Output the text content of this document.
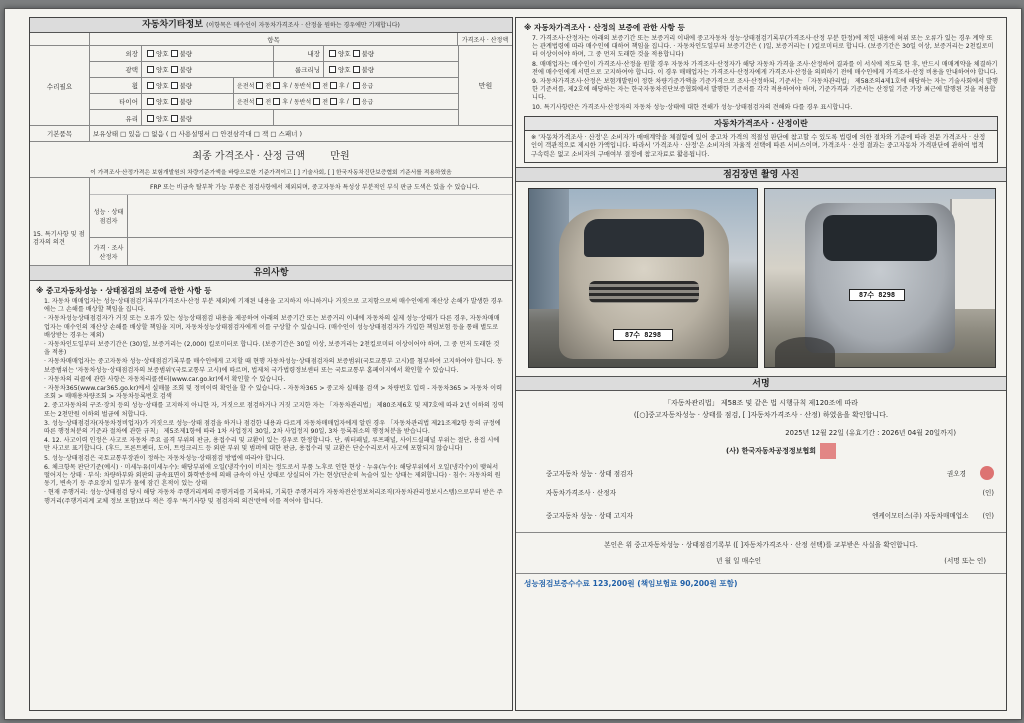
자동차기타정보 (이항목은 매수인이 자동차가격조사 · 산정을 원하는 경우에만 기재합니다)
항목	가격조사 · 산정액
수리필요
외장	양호 불량	내장	양호 불량
광택	양호 불량	룸크리닝	양호 불량
휠	양호 불량	운전석 전 후 / 동반석 전 후 / 응급
타이어	양호 불량	운전석 전 후 / 동반석 전 후 / 응급
유리	양호 불량
만원
기본품목	보유상태 □ 있음 □ 없음 ( □ 사용설명서 □ 안전삼각대 □ 잭 □ 스패너 )
최종 가격조사 · 산정 금액	만원
이 가격조사·산정가격은 보험개발원의 차량기준가액을 바탕으로한 기준가격이고 [ ] 기술사회, [ ] 한국자동차진단보증협회 기준서를 적용하였음
15. 특기사항 및 점검자의 의견
FRP 또는 비금속 탈부착 가능 부품은 점검사항에서 제외되며, 중고자동차 특성상 부분적인 부식 판금 도색은 있을 수 있습니다.
성능 · 상태 점검자
가격 · 조사 산정자
유의사항
※ 중고자동차성능 · 상태점검의 보증에 관한 사항 등
1. 자동차 매매업자는 성능·상태점검기록부(가격조사·산정 부분 제외)에 기재된 내용을 고지하지 아니하거나 거짓으로 고지함으로써 매수인에게 재산상 손해가 발생한 경우에는 그 손해를 배상할 책임을 집니다.
· 자동차성능상태점검자가 거짓 또는 오류가 있는 성능상태점검 내용을 제공하여 아래의 보증기간 또는 보증거리 이내에 자동차의 실제 성능·상태가 다른 경우, 자동차매매업자는 매수인의 재산상 손해를 배상할 책임을 지며, 자동차성능상태점검자에게 이를 구상할 수 있습니다. (매수인이 성능상태점검자가 가입한 책임보험 등을 통해 별도로 배상받는 경우는 제외)
· 자동차인도일부터 보증기간은 (30)일, 보증거리는 (2,000) 킬로미터로 합니다. (보증기간은 30일 이상, 보증거리는 2천킬로미터 이상이어야 하며, 그 중 먼저 도래한 것을 적용)
· 자동차매매업자는 중고자동차 성능·상태점검기록부를 매수인에게 고지할 때 현행 자동차성능·상태점검자의 보증범위(국토교통부 고시)를 첨부하여 고지하여야 합니다. 동 보증범위는 '자동차성능·상태점검자의 보증범위'(국토교통부 고시)에 따르며, 법제처 국가법령정보센터 또는 국토교통부 홈페이지에서 확인할 수 있습니다.
· 자동차의 리콜에 관한 사항은 자동차리콜센터(www.car.go.kr)에서 확인할 수 있습니다.
· 자동차365(www.car365.go.kr)에서 실매물 조회 및 정비이력 확인을 할 수 있습니다. - 자동차365 > 중고차 실매물 검색 > 차량번호 입력 - 자동차365 > 자동차 이력 조회 > 매매용차량조회 > 자동차등록번호 검색
2. 중고자동차의 구조·장치 등의 성능·상태를 고지하지 아니한 자, 거짓으로 점검하거나 거짓 고지한 자는 「자동차관리법」 제80조제6호 및 제7호에 따라 2년 이하의 징역 또는 2천만원 이하의 벌금에 처합니다.
3. 성능·상태점검자(자동차정비업자)가 거짓으로 성능·상태 점검을 하거나 점검한 내용과 다르게 자동차매매업자에게 알린 경우 「자동차관리법 제21조제2항 등의 규정에 따른 행정처분의 기준과 절차에 관한 규칙」 제5조제1항에 따라 1차 사업정지 30일, 2차 사업정지 90일, 3차 등록취소의 행정처분을 받습니다.
4. 12. 사고이력 인정은 사고로 자동차 주요 골격 부위의 판금, 용접수리 및 교환이 있는 경우로 한정합니다. 단, 쿼터패널, 루프패널, 사이드실패널 부위는 절단, 용접 시에만 사고로 표기합니다. (후드, 프론트펜더, 도어, 트렁크리드 등 외판 부위 및 범퍼에 대한 판금, 용접수리 및 교환은 단순수리로서 사고에 포함되지 않습니다)
5. 성능·상태점검은 국토교통부장관이 정하는 자동차성능·상태점검 방법에 따라야 합니다.
6. 체크항목 판단기준(예시) · 미세누유(미세누수): 해당부위에 오일(냉각수)이 비치는 정도로서 부품 노후로 인한 현상 · 누유(누수): 해당부위에서 오일(냉각수)이 맺혀서 떨어지는 상태 · 부식: 차량하부와 외판의 금속표면이 화학반응에 의해 금속이 아닌 상태로 상실되어 가는 현상(단순히 녹슬어 있는 상태는 제외합니다) · 침수: 자동차의 원동기, 변속기 등 주요장치 일부가 물에 잠긴 흔적이 있는 상태
· 현재 주행거리: 성능·상태점검 당시 해당 자동차 주행거리계의 주행거리를 기록하되, 기록한 주행거리가 자동차전산정보처리조직(자동차관리정보시스템)으로부터 받은 주행거리(주행거리계 교체 정보 포함)보다 적은 경우 '특기사항 및 점검자의 의견'란에 이를 적어야 합니다.
※ 자동차가격조사 · 산정의 보증에 관한 사항 등
7. 가격조사·산정자는 아래의 보증기간 또는 보증거리 이내에 중고자동차 성능·상태점검기록부(가격조사·산정 부분 한정)에 적힌 내용에 허위 또는 오류가 있는 경우 계약 또는 관계법령에 따라 매수인에 대하여 책임을 집니다. · 자동차인도일부터 보증기간은 ( )일, 보증거리는 ( )킬로미터로 합니다. (보증기간은 30일 이상, 보증거리는 2천킬로미터 이상이어야 하며, 그 중 먼저 도래한 것을 적용합니다)
8. 매매업자는 매수인이 가격조사·산정을 원할 경우 자동차 가격조사·산정자가 해당 자동차 가격을 조사·산정하여 결과를 이 서식에 적도록 한 후, 반드시 매매계약을 체결하기 전에 매수인에게 서면으로 고지하여야 합니다. 이 경우 매매업자는 가격조사·산정자에게 가격조사·산정을 의뢰하기 전에 매수인에게 가격조사·산정 비용을 안내하여야 합니다.
9. 자동차가격조사·산정은 보험개발원이 정한 차량기준가액을 기준가격으로 조사·산정하되, 기준서는 「자동차관리법」 제58조의4제1호에 해당하는 자는 기술사회에서 발행한 기준서를, 제2호에 해당하는 자는 한국자동차진단보증협회에서 발행한 기준서를 각각 적용하여야 하며, 기준가격과 기준서는 산정일 기준 가장 최근에 발행된 것을 적용합니다.
10. 특기사항란은 가격조사·산정자의 자동차 성능·상태에 대한 견해가 성능·상태점검자의 견해와 다를 경우 표시합니다.
자동차가격조사 · 산정이란
※ '자동차가격조사 · 산정'은 소비자가 매매계약을 체결함에 있어 중고차 가격의 적절성 판단에 참고할 수 있도록 법령에 의한 절차와 기준에 따라 전문 가격조사 · 산정인이 객관적으로 제시한 가액입니다. 따라서 '가격조사 · 산정'은 소비자의 자율적 선택에 따른 서비스이며, 가격조사 · 산정 결과는 중고자동차 가격판단에 관하여 법적 구속력은 없고 소비자의 구매여부 결정에 참고자료로 활용됩니다.
점검장면 촬영 사진
87수 8298
87수 8298
서명
「자동차관리법」 제58조 및 같은 법 시행규칙 제120조에 따라
([○]중고자동차성능 · 상태를 점검, [ ]자동차가격조사 · 산정) 하였음을 확인합니다.
2025년 12월 22일 (유효기간 : 2026년 04월 20일까지)
(사) 한국자동차공정정보협회
중고자동차 성능 · 상태 점검자	권오경
자동차가격조사 · 산정자	(인)
중고자동차 성능 · 상태 고지자	엔케이모터스(주) 자동차매매업소 (인)
본인은 위 중고자동차성능 · 상태점검기록부 ([ ]자동차가격조사 · 산정 선택)를 교부받은 사실을 확인합니다.
년 월 일 매수인	(서명 또는 인)
성능점검보증수수료 123,200원 (책임보험료 90,200원 포함)
